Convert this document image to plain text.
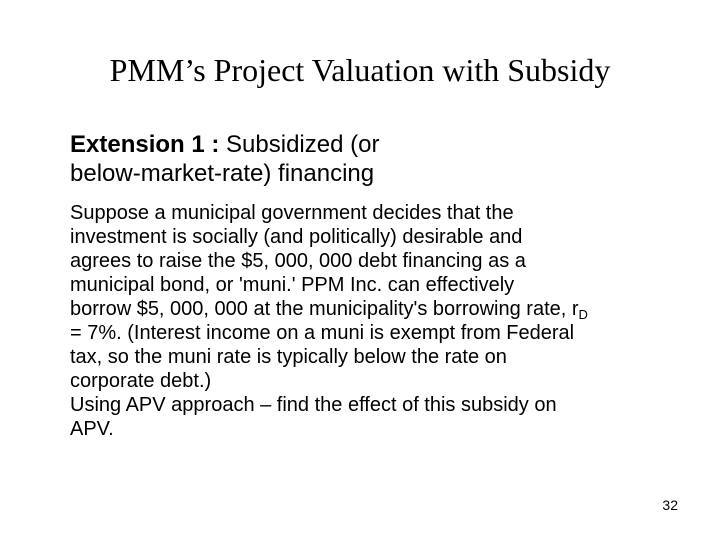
PMM’s Project Valuation with Subsidy
Extension 1 : Subsidized (or
below‐market‐rate) financing
Suppose a municipal government decides that the
investment is socially (and politically) desirable and
agrees to raise the $5, 000, 000 debt financing as a
municipal bond, or 'muni.' PPM Inc. can effectively
borrow $5, 000, 000 at the municipality's borrowing rate, $r_D$
= 7%. (Interest income on a muni is exempt from Federal
tax, so the muni rate is typically below the rate on
corporate debt.)
Using APV approach – find the effect of this subsidy on
APV.
32
